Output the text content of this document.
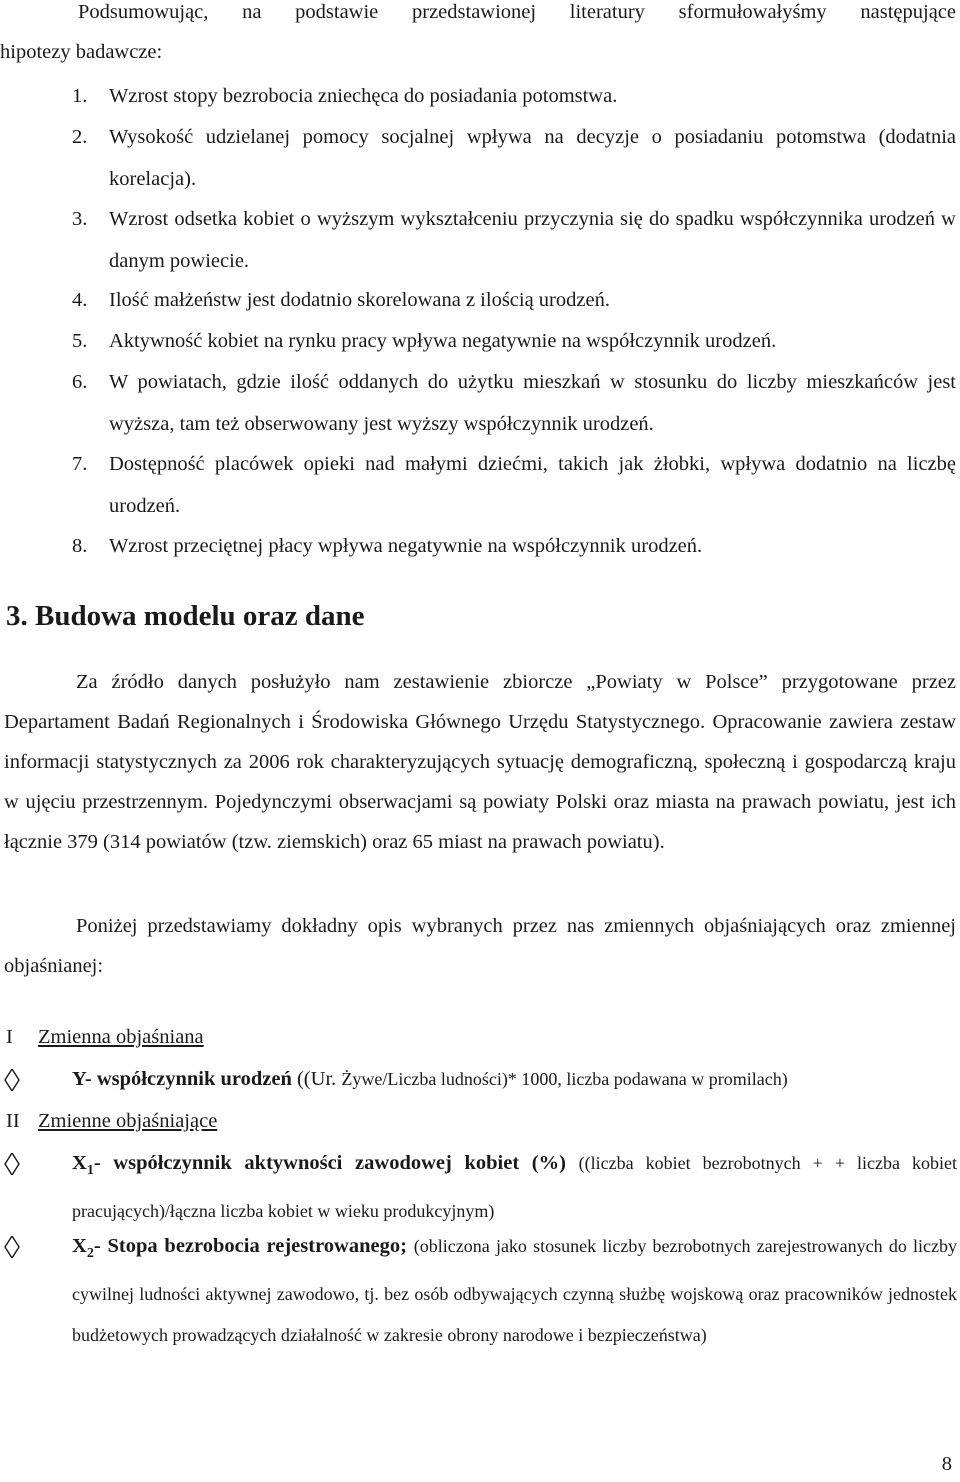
Podsumowując, na podstawie przedstawionej literatury sformułowałyśmy następujące
hipotezy badawcze:
1.	Wzrost stopy bezrobocia zniechęca do posiadania potomstwa.
2.	Wysokość udzielanej pomocy socjalnej wpływa na decyzje o posiadaniu potomstwa (dodatnia korelacja).
3.	Wzrost odsetka kobiet o wyższym wykształceniu przyczynia się do spadku współczynnika urodzeń w danym powiecie.
4.	Ilość małżeństw jest dodatnio skorelowana z ilością urodzeń.
5.	Aktywność kobiet na rynku pracy wpływa negatywnie na współczynnik urodzeń.
6.	W powiatach, gdzie ilość oddanych do użytku mieszkań w stosunku do liczby mieszkańców jest wyższa, tam też obserwowany jest wyższy współczynnik urodzeń.
7.	Dostępność placówek opieki nad małymi dziećmi, takich jak żłobki, wpływa dodatnio na liczbę urodzeń.
8.	Wzrost przeciętnej płacy wpływa negatywnie na współczynnik urodzeń.
3. Budowa modelu oraz dane
Za źródło danych posłużyło nam zestawienie zbiorcze „Powiaty w Polsce” przygotowane przez Departament Badań Regionalnych i Środowiska Głównego Urzędu Statystycznego. Opracowanie zawiera zestaw informacji statystycznych za 2006 rok charakteryzujących sytuację demograficzną, społeczną i gospodarczą kraju w ujęciu przestrzennym. Pojedynczymi obserwacjami są powiaty Polski oraz miasta na prawach powiatu, jest ich łącznie 379 (314 powiatów (tzw. ziemskich) oraz 65 miast na prawach powiatu).
Poniżej przedstawiamy dokładny opis wybranych przez nas zmiennych objaśniających oraz zmiennej objaśnianej:
I Zmienna objaśniana
Y- współczynnik urodzeń ((Ur. Żywe/Liczba ludności)* 1000, liczba podawana w promilach)
II Zmienne objaśniające
$X_1-$ współczynnik aktywności zawodowej kobiet (%) ((liczba kobiet bezrobotnych + + liczba kobiet pracujących)/łączna liczba kobiet w wieku produkcyjnym)
$X_2-$ Stopa bezrobocia rejestrowanego; (obliczona jako stosunek liczby bezrobotnych zarejestrowanych do liczby cywilnej ludności aktywnej zawodowo, tj. bez osób odbywających czynną służbę wojskową oraz pracowników jednostek budżetowych prowadzących działalność w zakresie obrony narodowe i bezpieczeństwa)
8
